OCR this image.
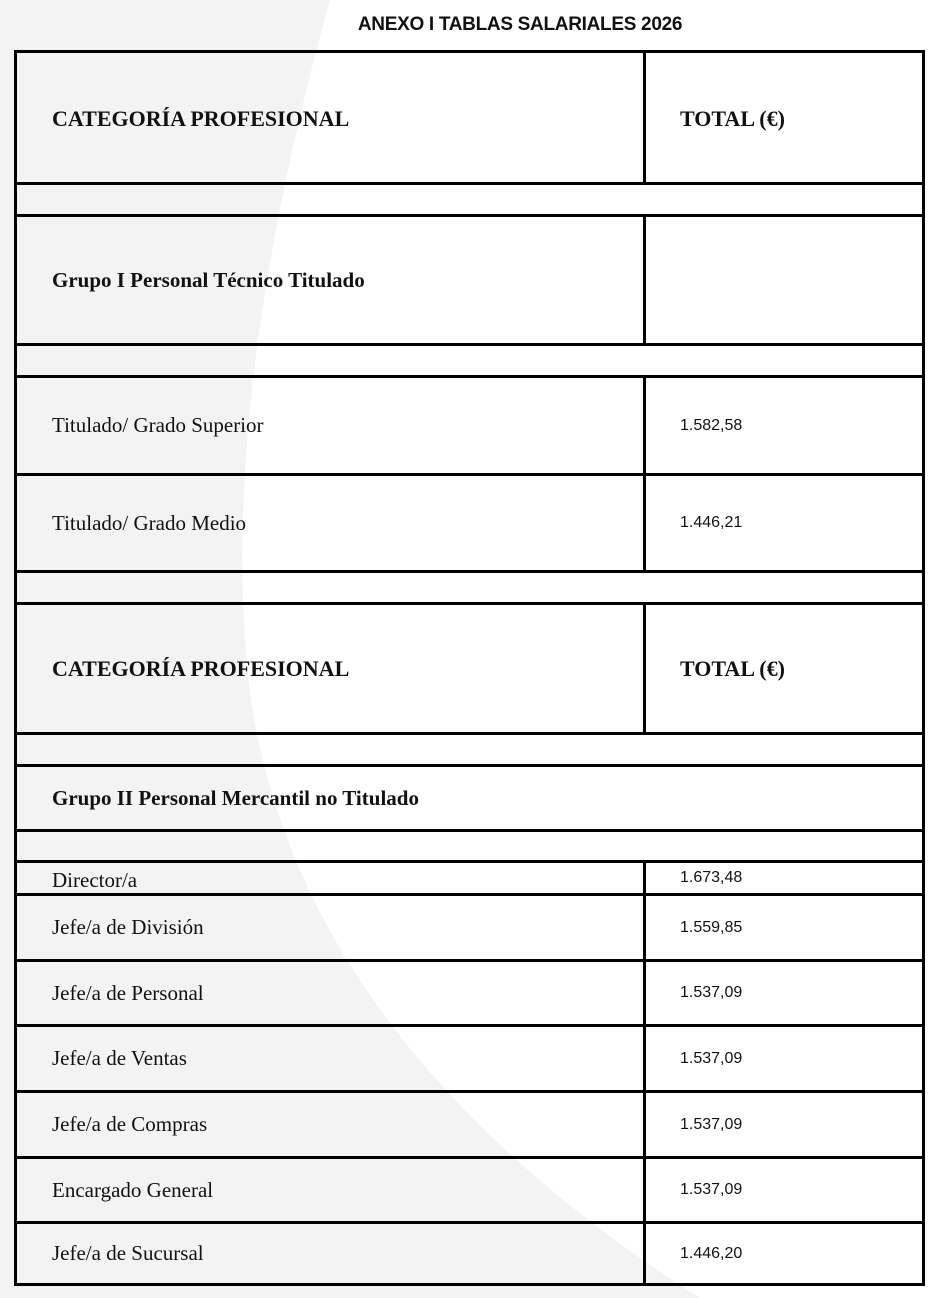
ANEXO I TABLAS SALARIALES 2026
CATEGORÍA PROFESIONAL	TOTAL (€)
Grupo I Personal Técnico Titulado
Titulado/ Grado Superior	1.582,58
Titulado/ Grado Medio	1.446,21
CATEGORÍA PROFESIONAL	TOTAL (€)
Grupo II Personal Mercantil no Titulado
Director/a	1.673,48
Jefe/a de División	1.559,85
Jefe/a de Personal	1.537,09
Jefe/a de Ventas	1.537,09
Jefe/a de Compras	1.537,09
Encargado General	1.537,09
Jefe/a de Sucursal	1.446,20
